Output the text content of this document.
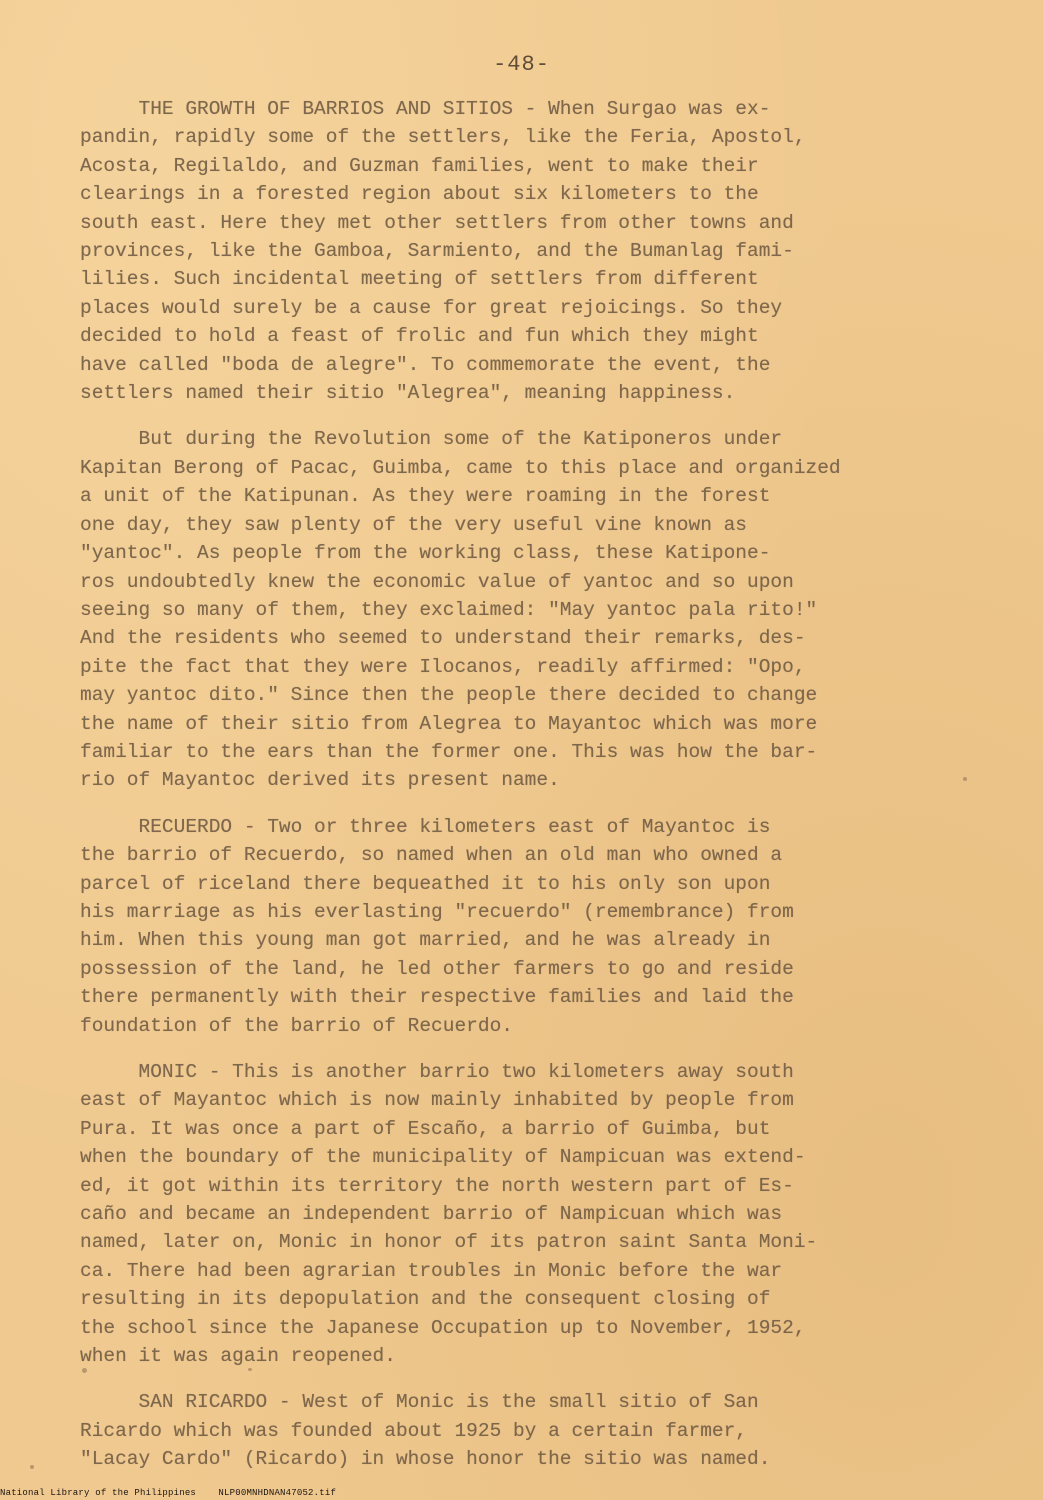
-48-

THE GROWTH OF BARRIOS AND SITIOS - When Surgao was ex-
pandin, rapidly some of the settlers, like the Feria, Apostol,
Acosta, Regilaldo, and Guzman families, went to make their
clearings in a forested region about six kilometers to the
south east. Here they met other settlers from other towns and
provinces, like the Gamboa, Sarmiento, and the Bumanlag fami-
lilies. Such incidental meeting of settlers from different
places would surely be a cause for great rejoicings. So they
decided to hold a feast of frolic and fun which they might
have called "boda de alegre". To commemorate the event, the
settlers named their sitio "Alegrea", meaning happiness.

But during the Revolution some of the Katiponeros under
Kapitan Berong of Pacac, Guimba, came to this place and organized
a unit of the Katipunan. As they were roaming in the forest
one day, they saw plenty of the very useful vine known as
"yantoc". As people from the working class, these Katipone-
ros undoubtedly knew the economic value of yantoc and so upon
seeing so many of them, they exclaimed: "May yantoc pala rito!"
And the residents who seemed to understand their remarks, des-
pite the fact that they were Ilocanos, readily affirmed: "Opo,
may yantoc dito." Since then the people there decided to change
the name of their sitio from Alegrea to Mayantoc which was more
familiar to the ears than the former one. This was how the bar-
rio of Mayantoc derived its present name.

RECUERDO - Two or three kilometers east of Mayantoc is
the barrio of Recuerdo, so named when an old man who owned a
parcel of riceland there bequeathed it to his only son upon
his marriage as his everlasting "recuerdo" (remembrance) from
him. When this young man got married, and he was already in
possession of the land, he led other farmers to go and reside
there permanently with their respective families and laid the
foundation of the barrio of Recuerdo.

MONIC - This is another barrio two kilometers away south
east of Mayantoc which is now mainly inhabited by people from
Pura. It was once a part of Escaño, a barrio of Guimba, but
when the boundary of the municipality of Nampicuan was extend-
ed, it got within its territory the north western part of Es-
caño and became an independent barrio of Nampicuan which was
named, later on, Monic in honor of its patron saint Santa Moni-
ca. There had been agrarian troubles in Monic before the war
resulting in its depopulation and the consequent closing of
the school since the Japanese Occupation up to November, 1952,
when it was again reopened.

SAN RICARDO - West of Monic is the small sitio of San
Ricardo which was founded about 1925 by a certain farmer,
"Lacay Cardo" (Ricardo) in whose honor the sitio was named.

National Library of the Philippines    NLP00MNHDNAN47052.tif
